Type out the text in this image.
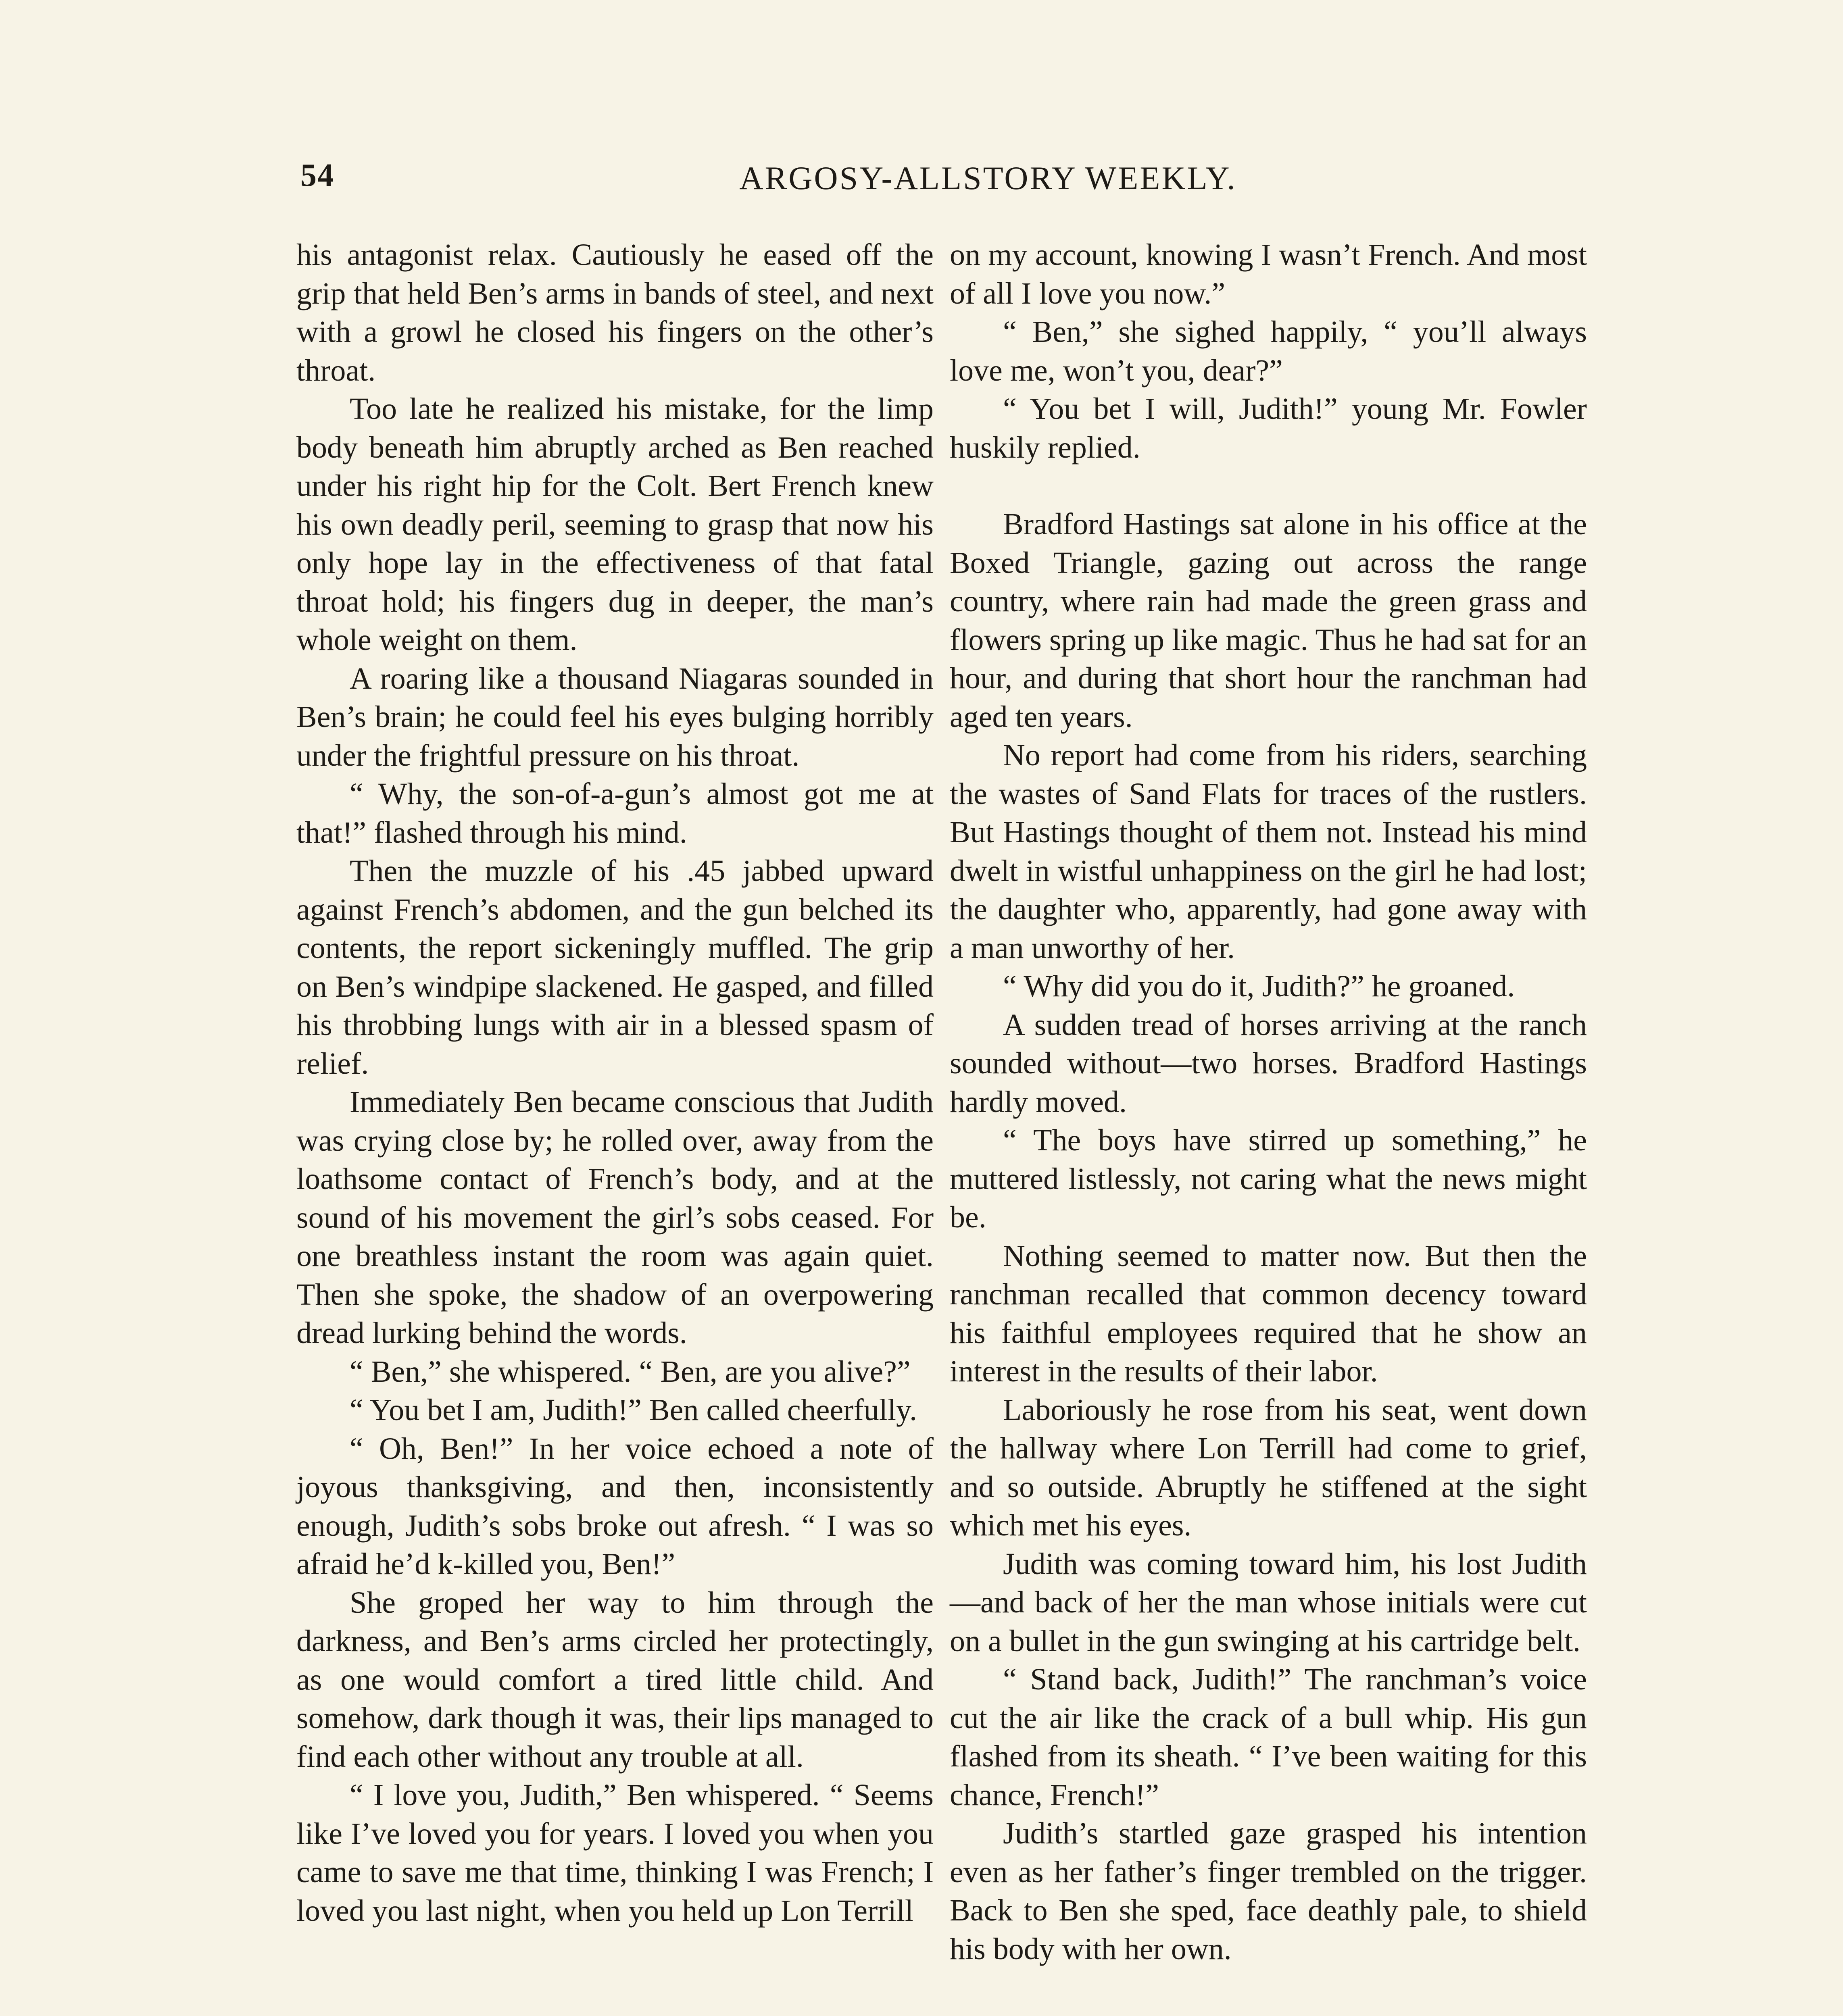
54	ARGOSY-ALLSTORY WEEKLY.

his antagonist relax. Cautiously he eased off the grip that held Ben’s arms in bands of steel, and next with a growl he closed his fingers on the other’s throat.

Too late he realized his mistake, for the limp body beneath him abruptly arched as Ben reached under his right hip for the Colt. Bert French knew his own deadly peril, seeming to grasp that now his only hope lay in the effectiveness of that fatal throat hold; his fingers dug in deeper, the man’s whole weight on them.

A roaring like a thousand Niagaras sounded in Ben’s brain; he could feel his eyes bulging horribly under the frightful pressure on his throat.

“ Why, the son-of-a-gun’s almost got me at that!” flashed through his mind.

Then the muzzle of his .45 jabbed upward against French’s abdomen, and the gun belched its contents, the report sickeningly muffled. The grip on Ben’s windpipe slackened. He gasped, and filled his throbbing lungs with air in a blessed spasm of relief.

Immediately Ben became conscious that Judith was crying close by; he rolled over, away from the loathsome contact of French’s body, and at the sound of his movement the girl’s sobs ceased. For one breathless instant the room was again quiet. Then she spoke, the shadow of an overpowering dread lurking behind the words.

“ Ben,” she whispered. “ Ben, are you alive?”

“ You bet I am, Judith!” Ben called cheerfully.

“ Oh, Ben!” In her voice echoed a note of joyous thanksgiving, and then, inconsistently enough, Judith’s sobs broke out afresh. “ I was so afraid he’d k-killed you, Ben!”

She groped her way to him through the darkness, and Ben’s arms circled her protectingly, as one would comfort a tired little child. And somehow, dark though it was, their lips managed to find each other without any trouble at all.

“ I love you, Judith,” Ben whispered. “ Seems like I’ve loved you for years. I loved you when you came to save me that time, thinking I was French; I loved you last night, when you held up Lon Terrill

on my account, knowing I wasn’t French. And most of all I love you now.”

“ Ben,” she sighed happily, “ you’ll always love me, won’t you, dear?”

“ You bet I will, Judith!” young Mr. Fowler huskily replied.

Bradford Hastings sat alone in his office at the Boxed Triangle, gazing out across the range country, where rain had made the green grass and flowers spring up like magic. Thus he had sat for an hour, and during that short hour the ranchman had aged ten years.

No report had come from his riders, searching the wastes of Sand Flats for traces of the rustlers. But Hastings thought of them not. Instead his mind dwelt in wistful unhappiness on the girl he had lost; the daughter who, apparently, had gone away with a man unworthy of her.

“ Why did you do it, Judith?” he groaned.

A sudden tread of horses arriving at the ranch sounded without—two horses. Bradford Hastings hardly moved.

“ The boys have stirred up something,” he muttered listlessly, not caring what the news might be.

Nothing seemed to matter now. But then the ranchman recalled that common decency toward his faithful employees required that he show an interest in the results of their labor.

Laboriously he rose from his seat, went down the hallway where Lon Terrill had come to grief, and so outside. Abruptly he stiffened at the sight which met his eyes.

Judith was coming toward him, his lost Judith—and back of her the man whose initials were cut on a bullet in the gun swinging at his cartridge belt.

“ Stand back, Judith!” The ranchman’s voice cut the air like the crack of a bull whip. His gun flashed from its sheath. “ I’ve been waiting for this chance, French!”

Judith’s startled gaze grasped his intention even as her father’s finger trembled on the trigger. Back to Ben she sped, face deathly pale, to shield his body with her own.
